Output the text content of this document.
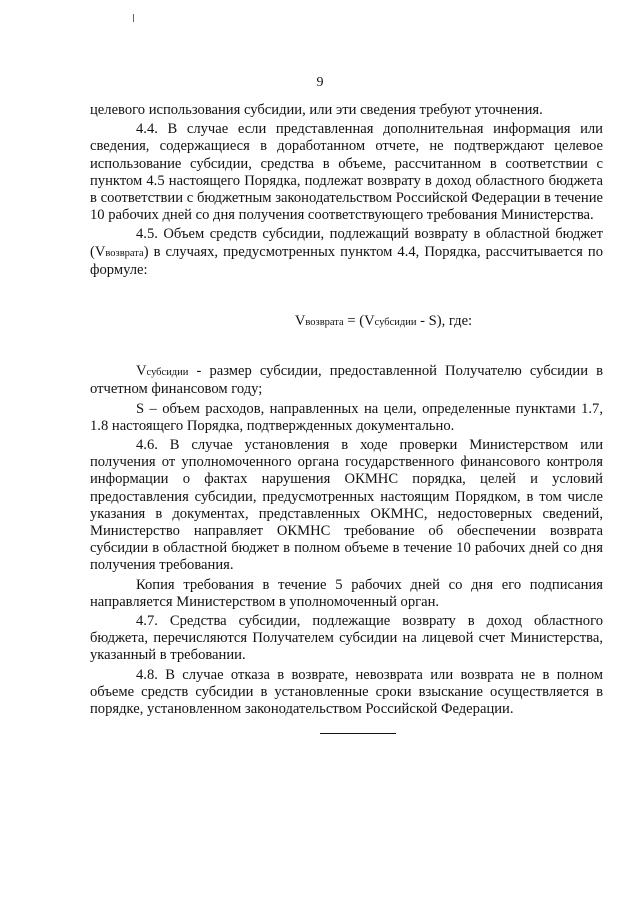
9

целевого использования субсидии, или эти сведения требуют уточнения.

4.4. В случае если представленная дополнительная информация или сведения, содержащиеся в доработанном отчете, не подтверждают целевое использование субсидии, средства в объеме, рассчитанном в соответствии с пунктом 4.5 настоящего Порядка, подлежат возврату в доход областного бюджета в соответствии с бюджетным законодательством Российской Федерации в течение 10 рабочих дней со дня получения соответствующего требования Министерства.

4.5. Объем средств субсидии, подлежащий возврату в областной бюджет (Vвозврата) в случаях, предусмотренных пунктом 4.4, Порядка, рассчитывается по формуле:

Vвозврата = (Vсубсидии - S), где:

Vсубсидии - размер субсидии, предоставленной Получателю субсидии в отчетном финансовом году;

S – объем расходов, направленных на цели, определенные пунктами 1.7, 1.8 настоящего Порядка, подтвержденных документально.

4.6. В случае установления в ходе проверки Министерством или получения от уполномоченного органа государственного финансового контроля информации о фактах нарушения ОКМНС порядка, целей и условий предоставления субсидии, предусмотренных настоящим Порядком, в том числе указания в документах, представленных ОКМНС, недостоверных сведений, Министерство направляет ОКМНС требование об обеспечении возврата субсидии в областной бюджет в полном объеме в течение 10 рабочих дней со дня получения требования.

Копия требования в течение 5 рабочих дней со дня его подписания направляется Министерством в уполномоченный орган.

4.7. Средства субсидии, подлежащие возврату в доход областного бюджета, перечисляются Получателем субсидии на лицевой счет Министерства, указанный в требовании.

4.8. В случае отказа в возврате, невозврата или возврата не в полном объеме средств субсидии в установленные сроки взыскание осуществляется в порядке, установленном законодательством Российской Федерации.
